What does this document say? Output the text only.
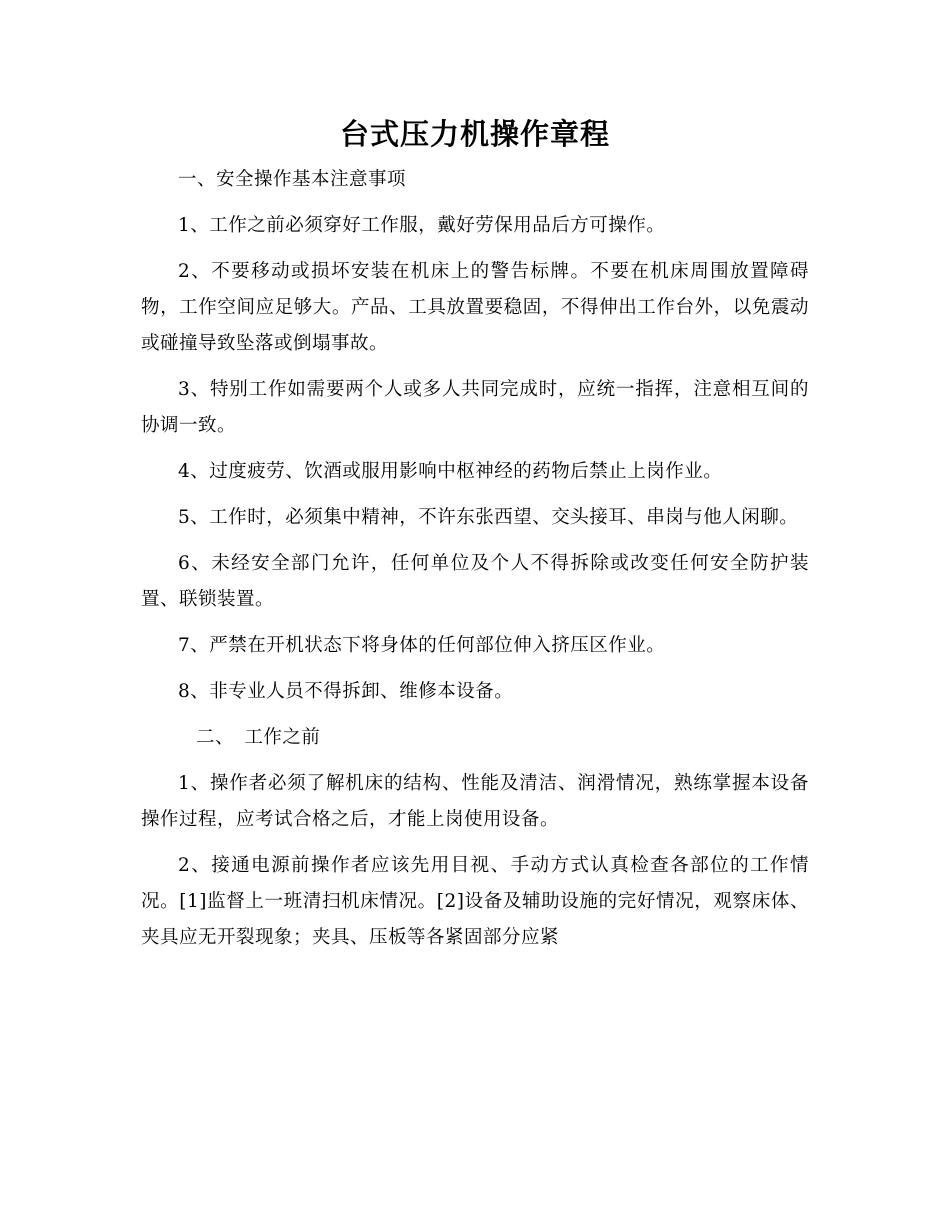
台式压力机操作章程
一、安全操作基本注意事项

1、工作之前必须穿好工作服，戴好劳保用品后方可操作。

2、不要移动或损坏安装在机床上的警告标牌。不要在机床周围放置障碍物，工作空间应足够大。产品、工具放置要稳固，不得伸出工作台外，以免震动或碰撞导致坠落或倒塌事故。

3、特别工作如需要两个人或多人共同完成时，应统一指挥，注意相互间的协调一致。

4、过度疲劳、饮酒或服用影响中枢神经的药物后禁止上岗作业。

5、工作时，必须集中精神，不许东张西望、交头接耳、串岗与他人闲聊。

6、未经安全部门允许，任何单位及个人不得拆除或改变任何安全防护装置、联锁装置。

7、严禁在开机状态下将身体的任何部位伸入挤压区作业。

8、非专业人员不得拆卸、维修本设备。

二、 工作之前

1、操作者必须了解机床的结构、性能及清洁、润滑情况，熟练掌握本设备操作过程，应考试合格之后，才能上岗使用设备。

2、接通电源前操作者应该先用目视、手动方式认真检查各部位的工作情况。[1]监督上一班清扫机床情况。[2]设备及辅助设施的完好情况，观察床体、夹具应无开裂现象；夹具、压板等各紧固部分应紧
